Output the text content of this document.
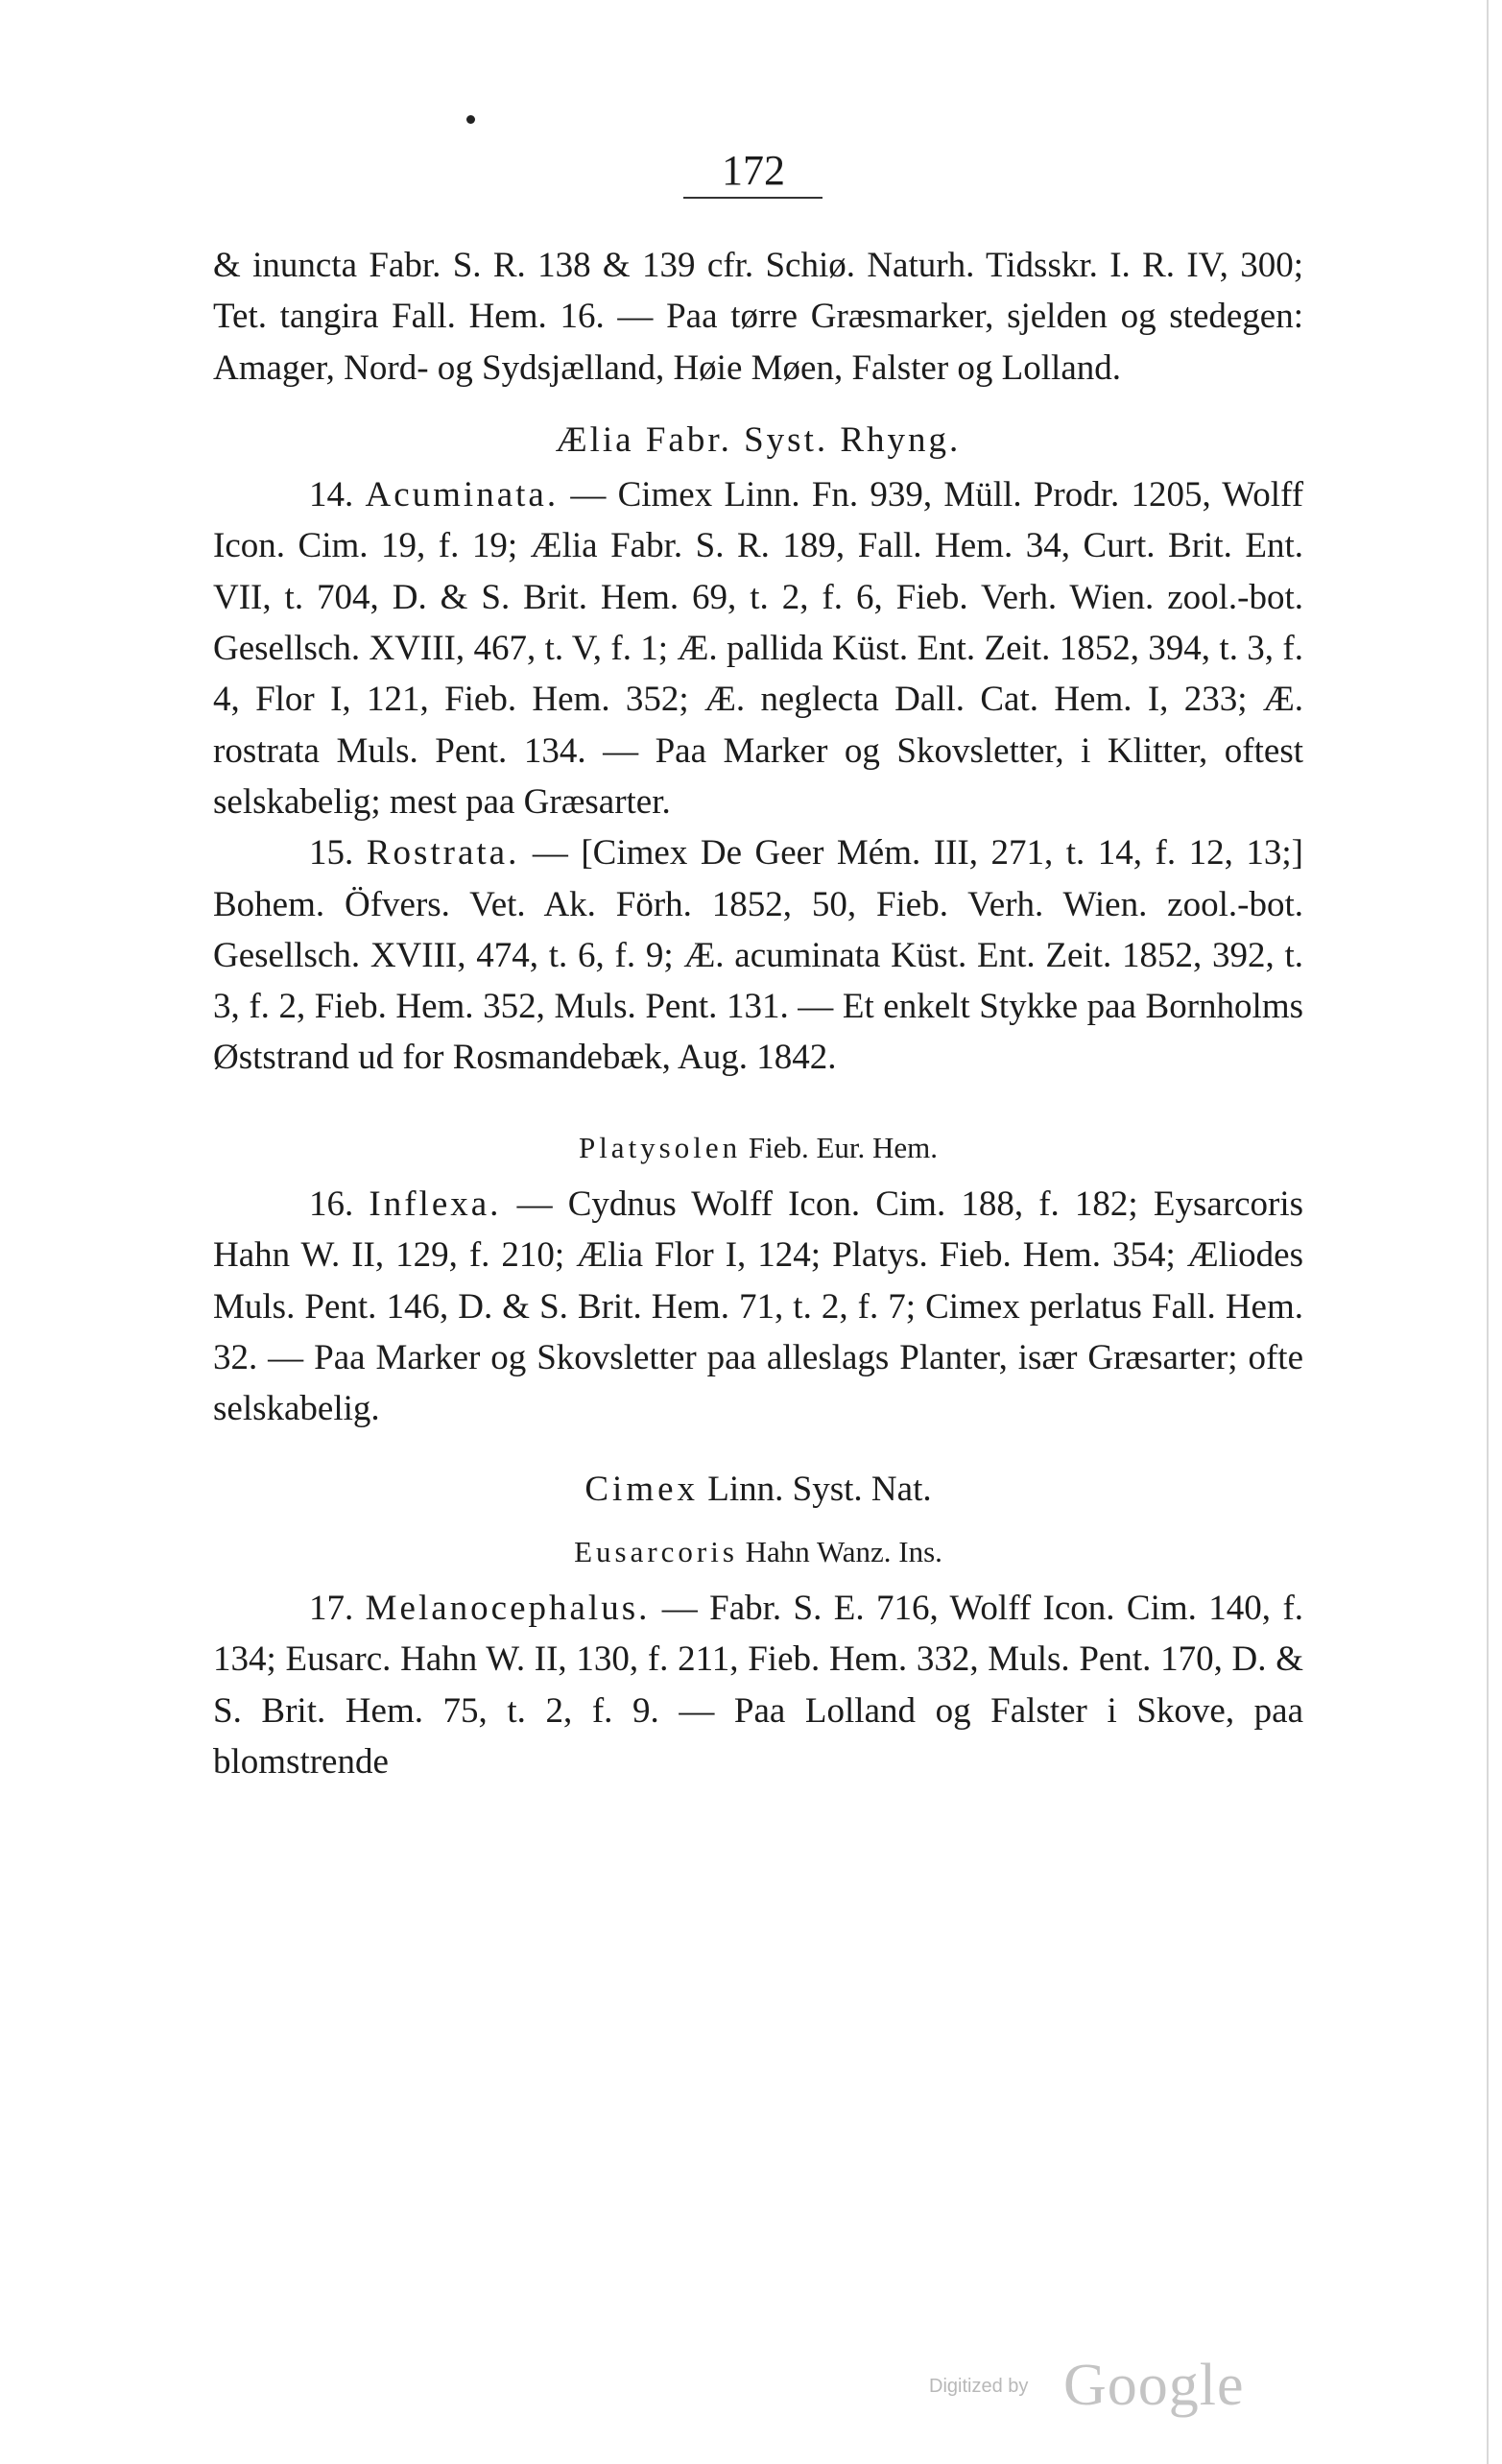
172

& inuncta Fabr. S. R. 138 & 139 cfr. Schiø. Naturh. Tidsskr. I. R. IV, 300; Tet. tangira Fall. Hem. 16. — Paa tørre Græsmarker, sjelden og stedegen: Amager, Nord- og Sydsjælland, Høie Møen, Falster og Lolland.

Ælia Fabr. Syst. Rhyng.

14. Acuminata. — Cimex Linn. Fn. 939, Müll. Prodr. 1205, Wolff Icon. Cim. 19, f. 19; Ælia Fabr. S. R. 189, Fall. Hem. 34, Curt. Brit. Ent. VII, t. 704, D. & S. Brit. Hem. 69, t. 2, f. 6, Fieb. Verh. Wien. zool.-bot. Gesellsch. XVIII, 467, t. V, f. 1; Æ. pallida Küst. Ent. Zeit. 1852, 394, t. 3, f. 4, Flor I, 121, Fieb. Hem. 352; Æ. neglecta Dall. Cat. Hem. I, 233; Æ. rostrata Muls. Pent. 134. — Paa Marker og Skovsletter, i Klitter, oftest selskabelig; mest paa Græsarter.

15. Rostrata. — [Cimex De Geer Mém. III, 271, t. 14, f. 12, 13;] Bohem. Öfvers. Vet. Ak. Förh. 1852, 50, Fieb. Verh. Wien. zool.-bot. Gesellsch. XVIII, 474, t. 6, f. 9; Æ. acuminata Küst. Ent. Zeit. 1852, 392, t. 3, f. 2, Fieb. Hem. 352, Muls. Pent. 131. — Et enkelt Stykke paa Bornholms Øststrand ud for Rosmandebæk, Aug. 1842.

Platysolen Fieb. Eur. Hem.

16. Inflexa. — Cydnus Wolff Icon. Cim. 188, f. 182; Eysarcoris Hahn W. II, 129, f. 210; Ælia Flor I, 124; Platys. Fieb. Hem. 354; Æliodes Muls. Pent. 146, D. & S. Brit. Hem. 71, t. 2, f. 7; Cimex perlatus Fall. Hem. 32. — Paa Marker og Skovsletter paa alleslags Planter, især Græsarter; ofte selskabelig.

Cimex Linn. Syst. Nat.

Eusarcoris Hahn Wanz. Ins.

17. Melanocephalus. — Fabr. S. E. 716, Wolff Icon. Cim. 140, f. 134; Eusarc. Hahn W. II, 130, f. 211, Fieb. Hem. 332, Muls. Pent. 170, D. & S. Brit. Hem. 75, t. 2, f. 9. — Paa Lolland og Falster i Skove, paa blomstrende

Digitized by Google
